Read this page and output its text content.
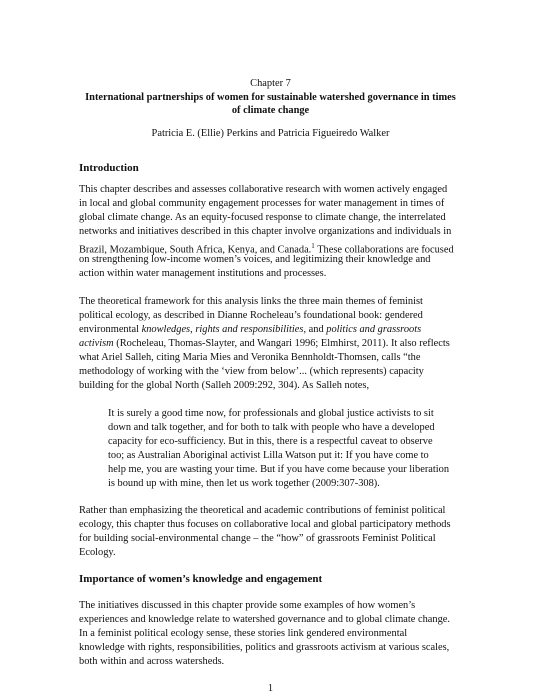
Chapter 7
International partnerships of women for sustainable watershed governance in times
of climate change
Patricia E. (Ellie) Perkins and Patricia Figueiredo Walker
Introduction
This chapter describes and assesses collaborative research with women actively engaged
in local and global community engagement processes for water management in times of
global climate change. As an equity-focused response to climate change, the interrelated
networks and initiatives described in this chapter involve organizations and individuals in
Brazil, Mozambique, South Africa, Kenya, and Canada.$^1$ These collaborations are focused
on strengthening low-income women’s voices, and legitimizing their knowledge and
action within water management institutions and processes.
The theoretical framework for this analysis links the three main themes of feminist
political ecology, as described in Dianne Rocheleau’s foundational book: gendered
environmental knowledges, rights and responsibilities, and politics and grassroots
activism (Rocheleau, Thomas-Slayter, and Wangari 1996; Elmhirst, 2011). It also reflects
what Ariel Salleh, citing Maria Mies and Veronika Bennholdt-Thomsen, calls “the
methodology of working with the ‘view from below’... (which represents) capacity
building for the global North (Salleh 2009:292, 304). As Salleh notes,
It is surely a good time now, for professionals and global justice activists to sit
down and talk together, and for both to talk with people who have a developed
capacity for eco-sufficiency. But in this, there is a respectful caveat to observe
too; as Australian Aboriginal activist Lilla Watson put it: If you have come to
help me, you are wasting your time. But if you have come because your liberation
is bound up with mine, then let us work together (2009:307-308).
Rather than emphasizing the theoretical and academic contributions of feminist political
ecology, this chapter thus focuses on collaborative local and global participatory methods
for building social-environmental change – the “how” of grassroots Feminist Political
Ecology.
Importance of women’s knowledge and engagement
The initiatives discussed in this chapter provide some examples of how women’s
experiences and knowledge relate to watershed governance and to global climate change.
In a feminist political ecology sense, these stories link gendered environmental
knowledge with rights, responsibilities, politics and grassroots activism at various scales,
both within and across watersheds.
1
